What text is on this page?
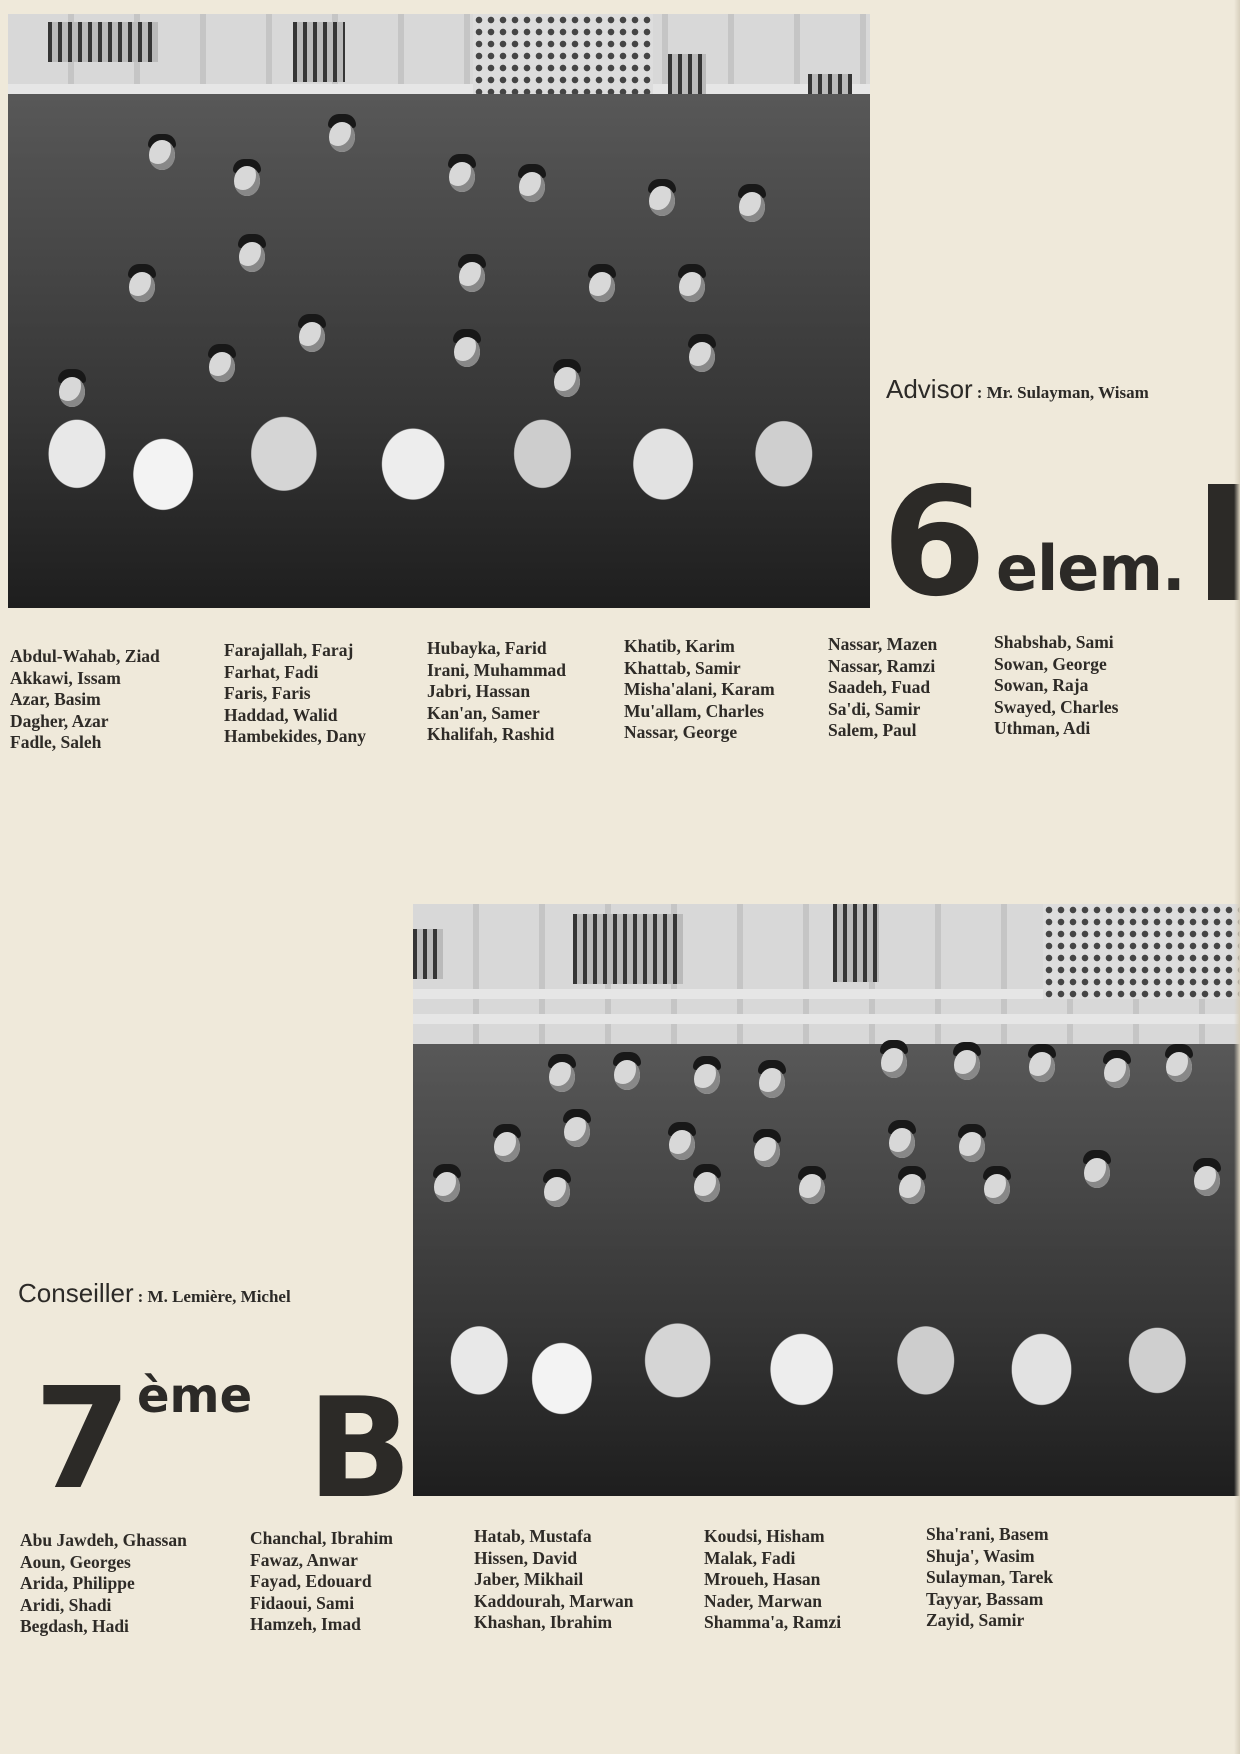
Advisor : Mr. Sulayman, Wisam
6 elem.
Abdul-Wahab, Ziad
Akkawi, Issam
Azar, Basim
Dagher, Azar
Fadle, Saleh
Farajallah, Faraj
Farhat, Fadi
Faris, Faris
Haddad, Walid
Hambekides, Dany
Hubayka, Farid
Irani, Muhammad
Jabri, Hassan
Kan'an, Samer
Khalifah, Rashid
Khatib, Karim
Khattab, Samir
Misha'alani, Karam
Mu'allam, Charles
Nassar, George
Nassar, Mazen
Nassar, Ramzi
Saadeh, Fuad
Sa'di, Samir
Salem, Paul
Shabshab, Sami
Sowan, George
Sowan, Raja
Swayed, Charles
Uthman, Adi
Conseiller : M. Lemière, Michel
7 ème B
Abu Jawdeh, Ghassan
Aoun, Georges
Arida, Philippe
Aridi, Shadi
Begdash, Hadi
Chanchal, Ibrahim
Fawaz, Anwar
Fayad, Edouard
Fidaoui, Sami
Hamzeh, Imad
Hatab, Mustafa
Hissen, David
Jaber, Mikhail
Kaddourah, Marwan
Khashan, Ibrahim
Koudsi, Hisham
Malak, Fadi
Mroueh, Hasan
Nader, Marwan
Shamma'a, Ramzi
Sha'rani, Basem
Shuja', Wasim
Sulayman, Tarek
Tayyar, Bassam
Zayid, Samir
